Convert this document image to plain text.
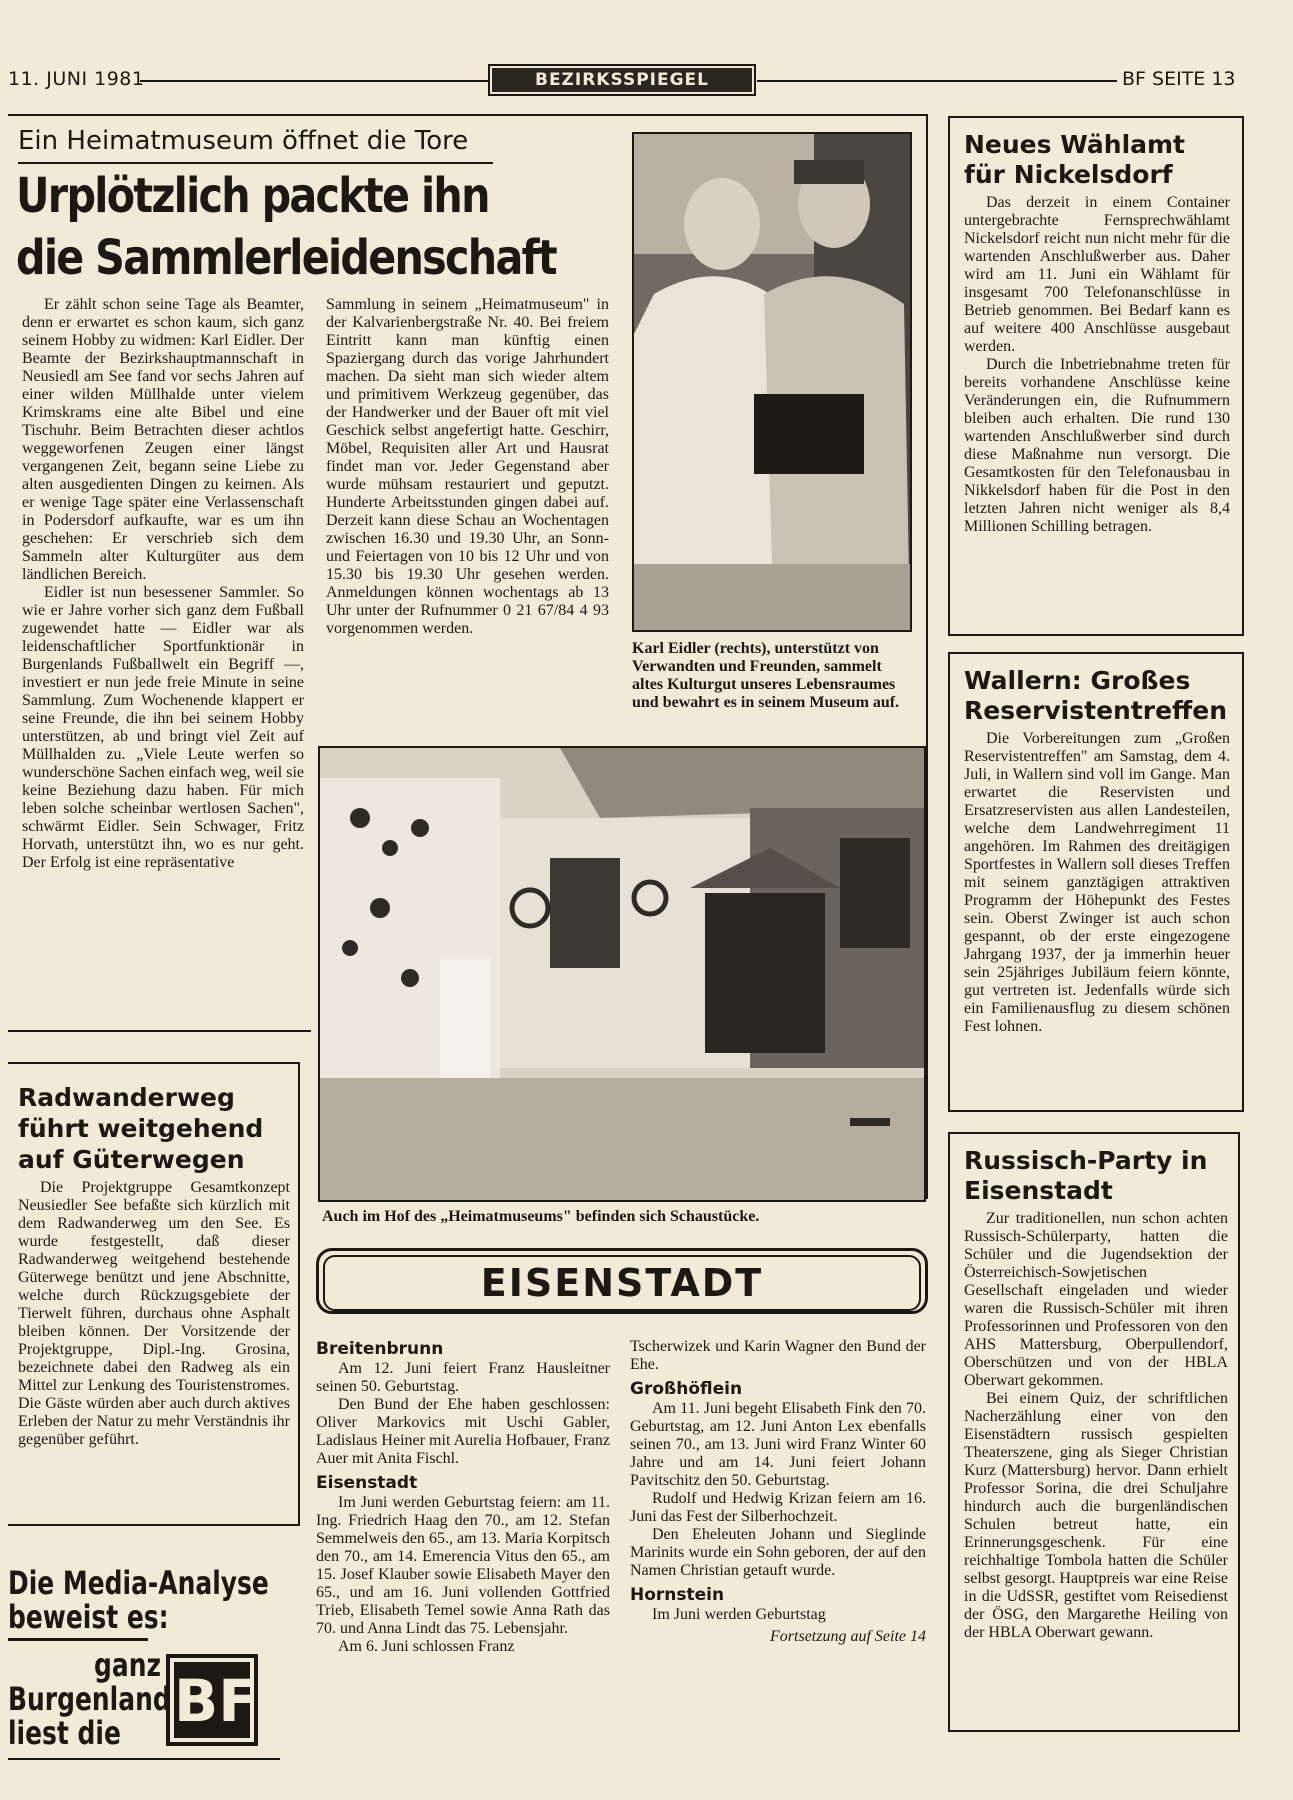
11. JUNI 1981	BEZIRKSSPIEGEL	BF SEITE 13
Ein Heimatmuseum öffnet die Tore
Urplötzlich packte ihn
die Sammlerleidenschaft

Er zählt schon seine Tage als Beamter, denn er erwartet es schon kaum, sich ganz seinem Hobby zu widmen: Karl Eidler. Der Beamte der Bezirkshauptmannschaft in Neusiedl am See fand vor sechs Jahren auf einer wilden Müllhalde unter vielem Krimskrams eine alte Bibel und eine Tischuhr. Beim Betrachten dieser achtlos weggeworfenen Zeugen einer längst vergangenen Zeit, begann seine Liebe zu alten ausgedienten Dingen zu keimen. Als er wenige Tage später eine Verlassenschaft in Podersdorf aufkaufte, war es um ihn geschehen: Er verschrieb sich dem Sammeln alter Kulturgüter aus dem ländlichen Bereich.

Eidler ist nun besessener Sammler. So wie er Jahre vorher sich ganz dem Fußball zugewendet hatte — Eidler war als leidenschaftlicher Sportfunktionär in Burgenlands Fußballwelt ein Begriff —, investiert er nun jede freie Minute in seine Sammlung. Zum Wochenende klappert er seine Freunde, die ihn bei seinem Hobby unterstützen, ab und bringt viel Zeit auf Müllhalden zu. „Viele Leute werfen so wunderschöne Sachen einfach weg, weil sie keine Beziehung dazu haben. Für mich leben solche scheinbar wertlosen Sachen", schwärmt Eidler. Sein Schwager, Fritz Horvath, unterstützt ihn, wo es nur geht. Der Erfolg ist eine repräsentative

Sammlung in seinem „Heimatmuseum" in der Kalvarienbergstraße Nr. 40. Bei freiem Eintritt kann man künftig einen Spaziergang durch das vorige Jahrhundert machen. Da sieht man sich wieder altem und primitivem Werkzeug gegenüber, das der Handwerker und der Bauer oft mit viel Geschick selbst angefertigt hatte. Geschirr, Möbel, Requisiten aller Art und Hausrat findet man vor. Jeder Gegenstand aber wurde mühsam restauriert und geputzt. Hunderte Arbeitsstunden gingen dabei auf. Derzeit kann diese Schau an Wochentagen zwischen 16.30 und 19.30 Uhr, an Sonn- und Feiertagen von 10 bis 12 Uhr und von 15.30 bis 19.30 Uhr gesehen werden. Anmeldungen können wochentags ab 13 Uhr unter der Rufnummer 0 21 67/84 4 93 vorgenommen werden.

Karl Eidler (rechts), unterstützt von Verwandten und Freunden, sammelt altes Kulturgut unseres Lebensraumes und bewahrt es in seinem Museum auf.
Auch im Hof des „Heimatmuseums" befinden sich Schaustücke.
Radwanderweg führt weitgehend auf Güterwegen

Die Projektgruppe Gesamtkonzept Neusiedler See befaßte sich kürzlich mit dem Radwanderweg um den See. Es wurde festgestellt, daß dieser Radwanderweg weitgehend bestehende Güterwege benützt und jene Abschnitte, welche durch Rückzugsgebiete der Tierwelt führen, durchaus ohne Asphalt bleiben können. Der Vorsitzende der Projektgruppe, Dipl.-Ing. Grosina, bezeichnete dabei den Radweg als ein Mittel zur Lenkung des Touristenstromes. Die Gäste würden aber auch durch aktives Erleben der Natur zu mehr Verständnis ihr gegenüber geführt.

Die Media-Analyse
beweist es:
ganz
Burgenland
liest die BF
EISENSTADT
Breitenbrunn

Am 12. Juni feiert Franz Hausleitner seinen 50. Geburtstag.

Den Bund der Ehe haben geschlossen: Oliver Markovics mit Uschi Gabler, Ladislaus Heiner mit Aurelia Hofbauer, Franz Auer mit Anita Fischl.

Eisenstadt

Im Juni werden Geburtstag feiern: am 11. Ing. Friedrich Haag den 70., am 12. Stefan Semmelweis den 65., am 13. Maria Korpitsch den 70., am 14. Emerencia Vitus den 65., am 15. Josef Klauber sowie Elisabeth Mayer den 65., und am 16. Juni vollenden Gottfried Trieb, Elisabeth Temel sowie Anna Rath das 70. und Anna Lindt das 75. Lebensjahr.

Am 6. Juni schlossen Franz

Tscherwizek und Karin Wagner den Bund der Ehe.

Großhöflein

Am 11. Juni begeht Elisabeth Fink den 70. Geburtstag, am 12. Juni Anton Lex ebenfalls seinen 70., am 13. Juni wird Franz Winter 60 Jahre und am 14. Juni feiert Johann Pavitschitz den 50. Geburtstag.

Rudolf und Hedwig Krizan feiern am 16. Juni das Fest der Silberhochzeit.

Den Eheleuten Johann und Sieglinde Marinits wurde ein Sohn geboren, der auf den Namen Christian getauft wurde.

Hornstein

Im Juni werden Geburtstag

Fortsetzung auf Seite 14
Neues Wählamt für Nickelsdorf

Das derzeit in einem Container untergebrachte Fernsprechwählamt Nickelsdorf reicht nun nicht mehr für die wartenden Anschlußwerber aus. Daher wird am 11. Juni ein Wählamt für insgesamt 700 Telefonanschlüsse in Betrieb genommen. Bei Bedarf kann es auf weitere 400 Anschlüsse ausgebaut werden.

Durch die Inbetriebnahme treten für bereits vorhandene Anschlüsse keine Veränderungen ein, die Rufnummern bleiben auch erhalten. Die rund 130 wartenden Anschlußwerber sind durch diese Maßnahme nun versorgt. Die Gesamtkosten für den Telefonausbau in Nikkelsdorf haben für die Post in den letzten Jahren nicht weniger als 8,4 Millionen Schilling betragen.

Wallern: Großes Reservistentreffen

Die Vorbereitungen zum „Großen Reservistentreffen" am Samstag, dem 4. Juli, in Wallern sind voll im Gange. Man erwartet die Reservisten und Ersatzreservisten aus allen Landesteilen, welche dem Landwehrregiment 11 angehören. Im Rahmen des dreitägigen Sportfestes in Wallern soll dieses Treffen mit seinem ganztägigen attraktiven Programm der Höhepunkt des Festes sein. Oberst Zwinger ist auch schon gespannt, ob der erste eingezogene Jahrgang 1937, der ja immerhin heuer sein 25jähriges Jubiläum feiern könnte, gut vertreten ist. Jedenfalls würde sich ein Familienausflug zu diesem schönen Fest lohnen.

Russisch-Party in Eisenstadt

Zur traditionellen, nun schon achten Russisch-Schülerparty, hatten die Schüler und die Jugendsektion der Österreichisch-Sowjetischen Gesellschaft eingeladen und wieder waren die Russisch-Schüler mit ihren Professorinnen und Professoren von den AHS Mattersburg, Oberpullendorf, Oberschützen und von der HBLA Oberwart gekommen.

Bei einem Quiz, der schriftlichen Nacherzählung einer von den Eisenstädtern russisch gespielten Theaterszene, ging als Sieger Christian Kurz (Mattersburg) hervor. Dann erhielt Professor Sorina, die drei Schuljahre hindurch auch die burgenländischen Schulen betreut hatte, ein Erinnerungsgeschenk. Für eine reichhaltige Tombola hatten die Schüler selbst gesorgt. Hauptpreis war eine Reise in die UdSSR, gestiftet vom Reisedienst der ÖSG, den Margarethe Heiling von der HBLA Oberwart gewann.
